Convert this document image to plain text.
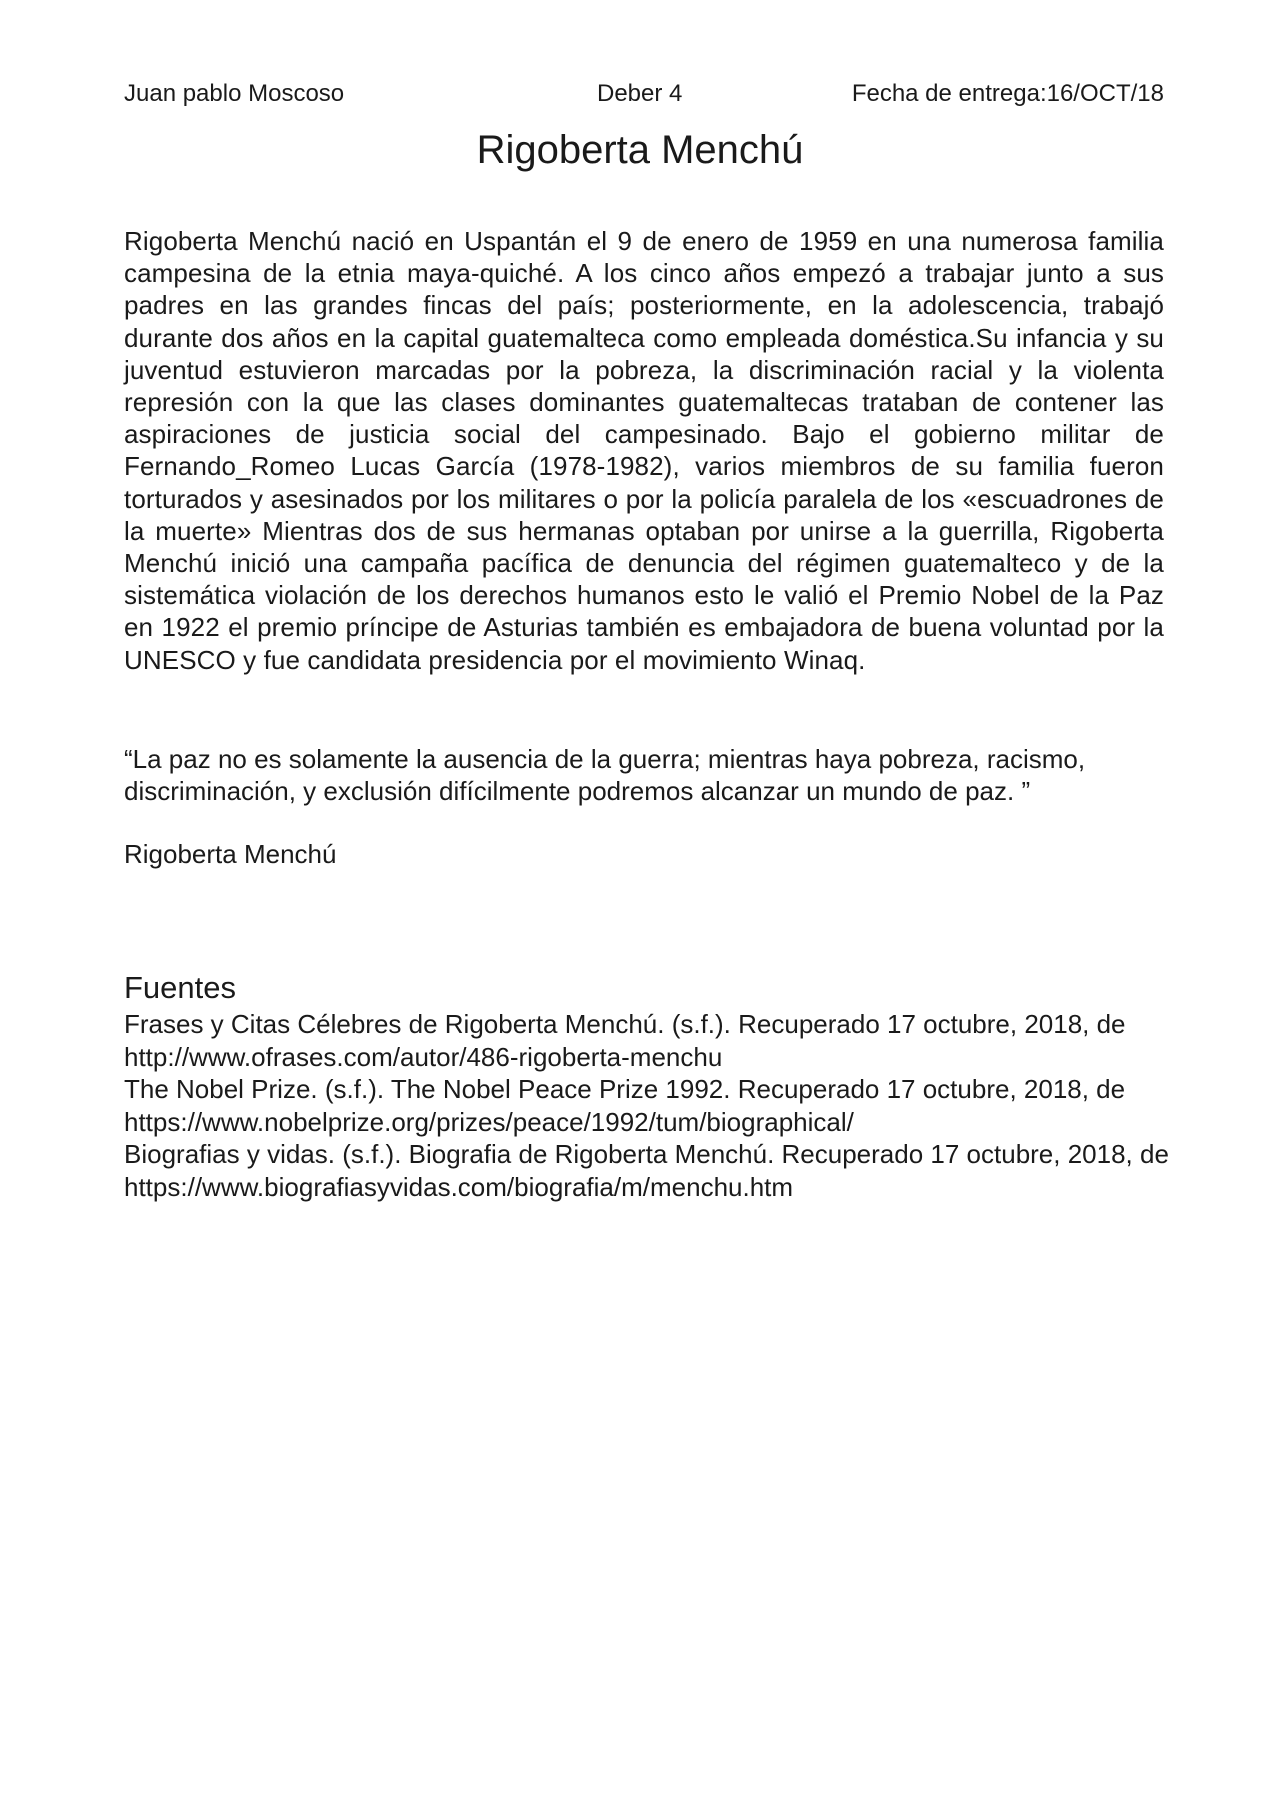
Juan pablo Moscoso	Deber 4	Fecha de entrega:16/OCT/18
Rigoberta Menchú

Rigoberta Menchú nació en Uspantán el 9 de enero de 1959 en una numerosa familia campesina de la etnia maya-quiché. A los cinco años empezó a trabajar junto a sus padres en las grandes fincas del país; posteriormente, en la adolescencia, trabajó durante dos años en la capital guatemalteca como empleada doméstica.Su infancia y su juventud estuvieron marcadas por la pobreza, la discriminación racial y la violenta represión con la que las clases dominantes guatemaltecas trataban de contener las aspiraciones de justicia social del campesinado. Bajo el gobierno militar de Fernando_Romeo Lucas García (1978-1982), varios miembros de su familia fueron torturados y asesinados por los militares o por la policía paralela de los «escuadrones de la muerte» Mientras dos de sus hermanas optaban por unirse a la guerrilla, Rigoberta Menchú inició una campaña pacífica de denuncia del régimen guatemalteco y de la sistemática violación de los derechos humanos esto le valió el Premio Nobel de la Paz en 1922 el premio príncipe de Asturias también es embajadora de buena voluntad por la UNESCO y fue candidata presidencia por el movimiento Winaq.

“La paz no es solamente la ausencia de la guerra; mientras haya pobreza, racismo, discriminación, y exclusión difícilmente podremos alcanzar un mundo de paz. ”

Rigoberta Menchú
Fuentes

Frases y Citas Célebres de Rigoberta Menchú. (s.f.). Recuperado 17 octubre, 2018, de http://www.ofrases.com/autor/486-rigoberta-menchu

The Nobel Prize. (s.f.). The Nobel Peace Prize 1992. Recuperado 17 octubre, 2018, de https://www.nobelprize.org/prizes/peace/1992/tum/biographical/

Biografias y vidas. (s.f.). Biografia de Rigoberta Menchú. Recuperado 17 octubre, 2018, de https://www.biografiasyvidas.com/biografia/m/menchu.htm
